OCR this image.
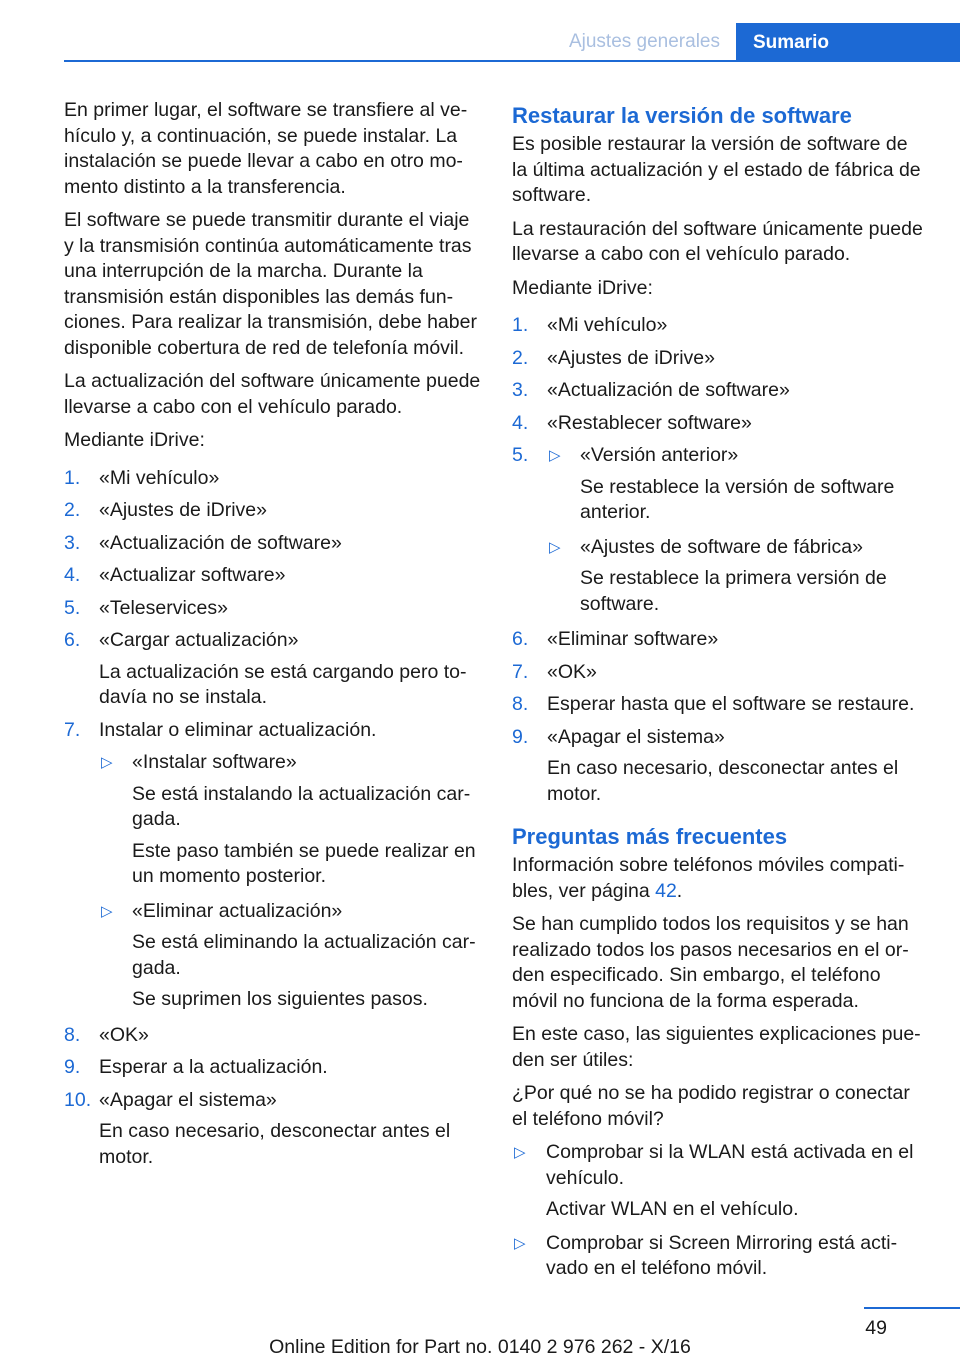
Ajustes generales	Sumario

En primer lugar, el software se transfiere al vehículo y, a continuación, se puede instalar. La instalación se puede llevar a cabo en otro momento distinto a la transferencia.

El software se puede transmitir durante el viaje y la transmisión continúa automáticamente tras una interrupción de la marcha. Durante la transmisión están disponibles las demás funciones. Para realizar la transmisión, debe haber disponible cobertura de red de telefonía móvil.

La actualización del software únicamente puede llevarse a cabo con el vehículo parado.

Mediante iDrive:

1. «Mi vehículo»
2. «Ajustes de iDrive»
3. «Actualización de software»
4. «Actualizar software»
5. «Teleservices»
6. «Cargar actualización»

La actualización se está cargando pero todavía no se instala.

7. Instalar o eliminar actualización.
▷ «Instalar software»

Se está instalando la actualización cargada.

Este paso también se puede realizar en un momento posterior.

▷ «Eliminar actualización»

Se está eliminando la actualización cargada.

Se suprimen los siguientes pasos.

8. «OK»
9. Esperar a la actualización.
10. «Apagar el sistema»

En caso necesario, desconectar antes el motor.

Restaurar la versión de software

Es posible restaurar la versión de software de la última actualización y el estado de fábrica de software.

La restauración del software únicamente puede llevarse a cabo con el vehículo parado.

Mediante iDrive:

1. «Mi vehículo»
2. «Ajustes de iDrive»
3. «Actualización de software»
4. «Restablecer software»
5. ▷ «Versión anterior»

Se restablece la versión de software anterior.

▷ «Ajustes de software de fábrica»

Se restablece la primera versión de software.

6. «Eliminar software»
7. «OK»
8. Esperar hasta que el software se restaure.
9. «Apagar el sistema»

En caso necesario, desconectar antes el motor.

Preguntas más frecuentes

Información sobre teléfonos móviles compatibles, ver página 42.

Se han cumplido todos los requisitos y se han realizado todos los pasos necesarios en el orden especificado. Sin embargo, el teléfono móvil no funciona de la forma esperada.

En este caso, las siguientes explicaciones pueden ser útiles:

¿Por qué no se ha podido registrar o conectar el teléfono móvil?

▷ Comprobar si la WLAN está activada en el vehículo.

Activar WLAN en el vehículo.

▷ Comprobar si Screen Mirroring está activado en el teléfono móvil.
49
Online Edition for Part no. 0140 2 976 262 - X/16
